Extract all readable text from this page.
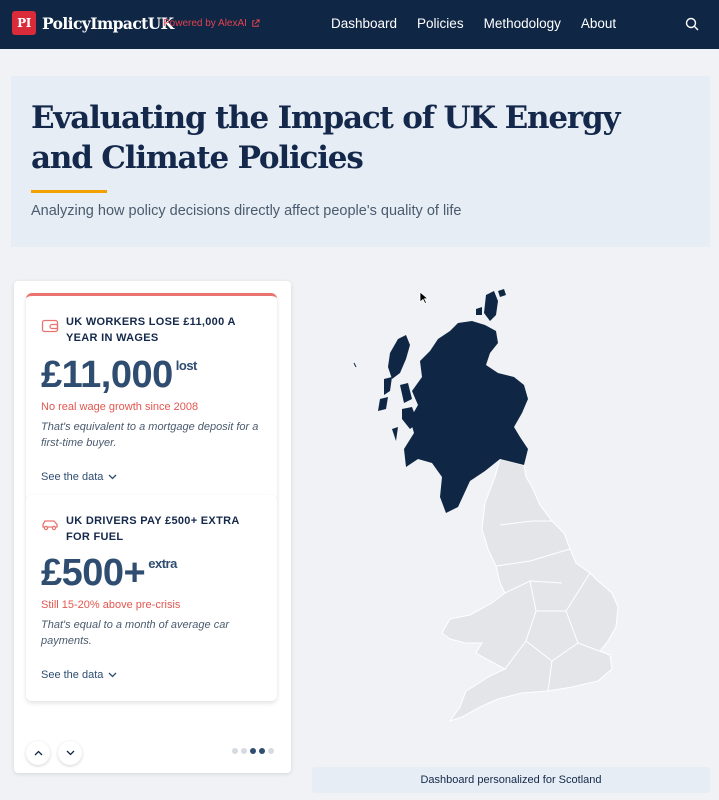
PI PolicyImpactUK
Powered by AlexAI	Dashboard Policies Methodology About
Evaluating the Impact of UK Energy and Climate Policies
Analyzing how policy decisions directly affect people's quality of life
UK WORKERS LOSE £11,000 A YEAR IN WAGES
£11,000 $^{lost}$
No real wage growth since 2008
That's equivalent to a mortgage deposit for a first-time buyer.
See the data
UK DRIVERS PAY £500+ EXTRA FOR FUEL
£500+ $^{extra}$
Still 15-20% above pre-crisis
That's equal to a month of average car payments.
See the data
Dashboard personalized for Scotland
